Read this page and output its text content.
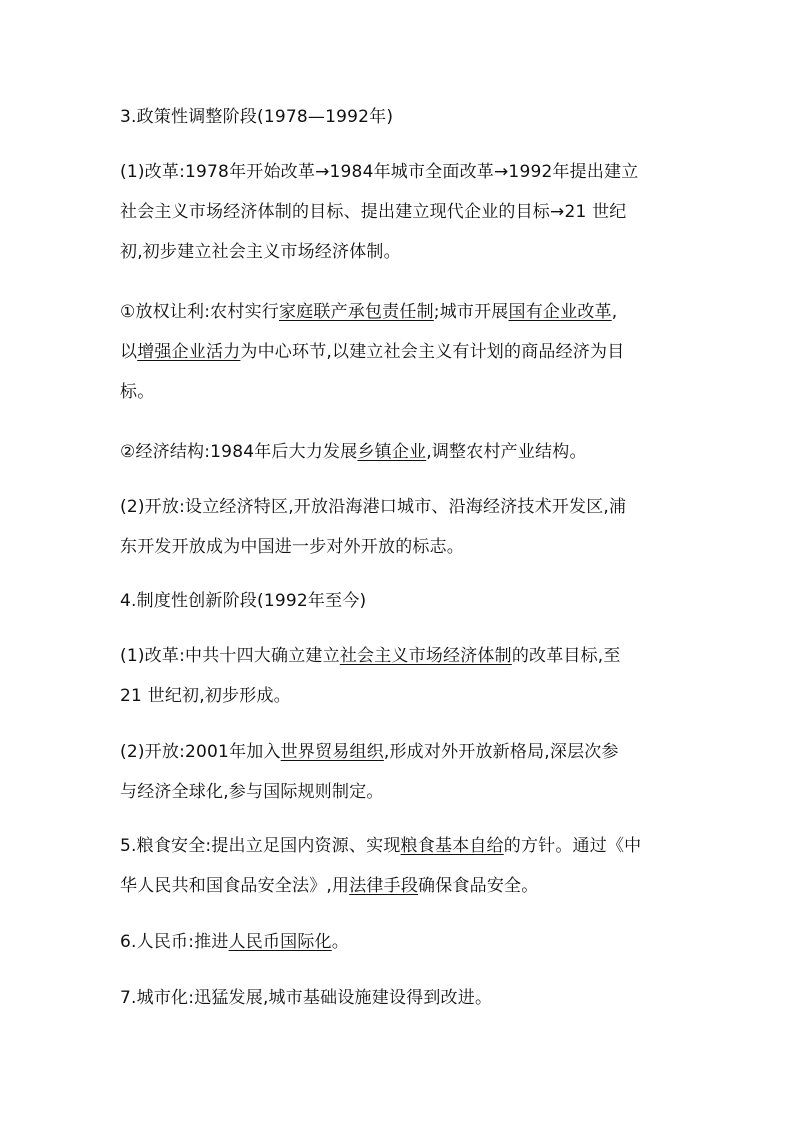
3.政策性调整阶段(1978—1992年)
(1)改革:1978年开始改革→1984年城市全面改革→1992年提出建立
社会主义市场经济体制的目标、提出建立现代企业的目标→21 世纪
初,初步建立社会主义市场经济体制。
①放权让利:农村实行家庭联产承包责任制;城市开展国有企业改革,
以增强企业活力为中心环节,以建立社会主义有计划的商品经济为目
标。
②经济结构:1984年后大力发展乡镇企业,调整农村产业结构。
(2)开放:设立经济特区,开放沿海港口城市、沿海经济技术开发区,浦
东开发开放成为中国进一步对外开放的标志。
4.制度性创新阶段(1992年至今)
(1)改革:中共十四大确立建立社会主义市场经济体制的改革目标,至
21 世纪初,初步形成。
(2)开放:2001年加入世界贸易组织,形成对外开放新格局,深层次参
与经济全球化,参与国际规则制定。
5.粮食安全:提出立足国内资源、实现粮食基本自给的方针。通过《中
华人民共和国食品安全法》,用法律手段确保食品安全。
6.人民币:推进人民币国际化。
7.城市化:迅猛发展,城市基础设施建设得到改进。
